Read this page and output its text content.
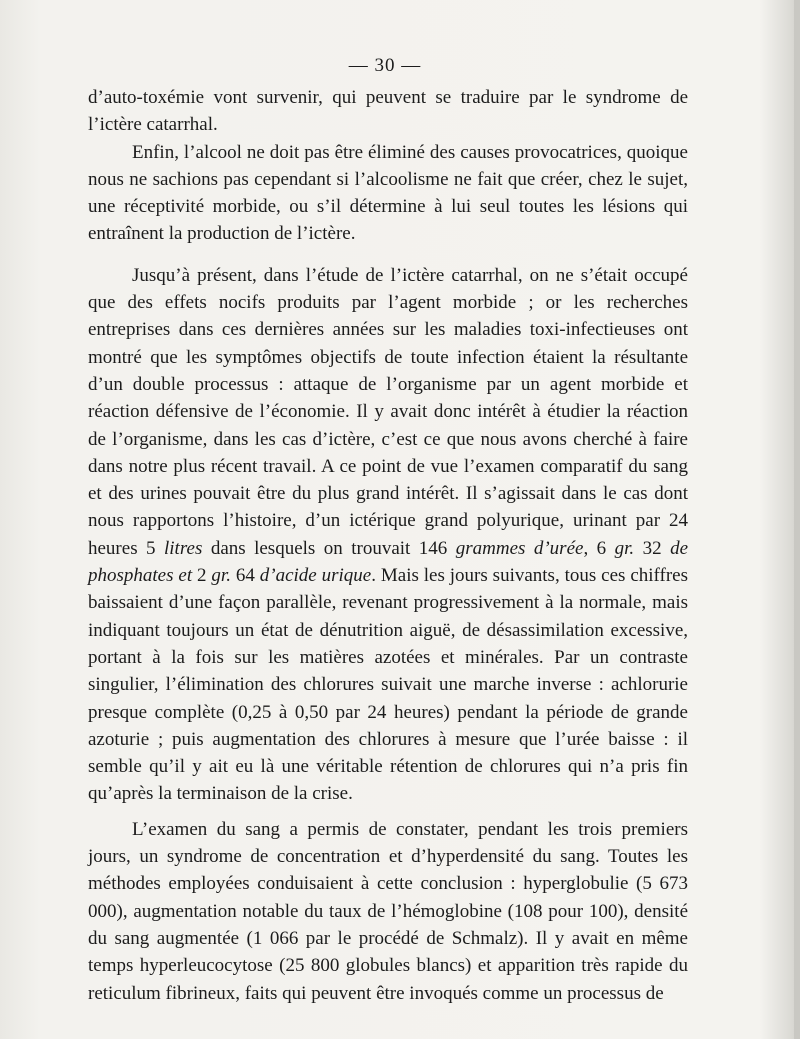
— 30 —

d’auto-toxémie vont survenir, qui peuvent se traduire par le syndrome de l’ictère catarrhal.

Enfin, l’alcool ne doit pas être éliminé des causes provocatrices, quoique nous ne sachions pas cependant si l’alcoolisme ne fait que créer, chez le sujet, une réceptivité morbide, ou s’il détermine à lui seul toutes les lésions qui entraînent la production de l’ictère.

Jusqu’à présent, dans l’étude de l’ictère catarrhal, on ne s’était occupé que des effets nocifs produits par l’agent morbide ; or les recherches entreprises dans ces dernières années sur les maladies toxi-infectieuses ont montré que les symptômes objectifs de toute infection étaient la résultante d’un double processus : attaque de l’organisme par un agent morbide et réaction défensive de l’économie. Il y avait donc intérêt à étudier la réaction de l’organisme, dans les cas d’ictère, c’est ce que nous avons cherché à faire dans notre plus récent travail. A ce point de vue l’examen comparatif du sang et des urines pouvait être du plus grand intérêt. Il s’agissait dans le cas dont nous rapportons l’histoire, d’un ictérique grand polyurique, urinant par 24 heures 5 litres dans lesquels on trouvait 146 grammes d’urée, 6 gr. 32 de phosphates et 2 gr. 64 d’acide urique. Mais les jours suivants, tous ces chiffres baissaient d’une façon parallèle, revenant progressivement à la normale, mais indiquant toujours un état de dénutrition aiguë, de désassimilation excessive, portant à la fois sur les matières azotées et minérales. Par un contraste singulier, l’élimination des chlorures suivait une marche inverse : achlorurie presque complète (0,25 à 0,50 par 24 heures) pendant la période de grande azoturie ; puis augmentation des chlorures à mesure que l’urée baisse : il semble qu’il y ait eu là une véritable rétention de chlorures qui n’a pris fin qu’après la terminaison de la crise.

L’examen du sang a permis de constater, pendant les trois premiers jours, un syndrome de concentration et d’hyperdensité du sang. Toutes les méthodes employées conduisaient à cette conclusion : hyperglobulie (5 673 000), augmentation notable du taux de l’hémoglobine (108 pour 100), densité du sang augmentée (1 066 par le procédé de Schmalz). Il y avait en même temps hyperleucocytose (25 800 globules blancs) et apparition très rapide du reticulum fibrineux, faits qui peuvent être invoqués comme un processus de
